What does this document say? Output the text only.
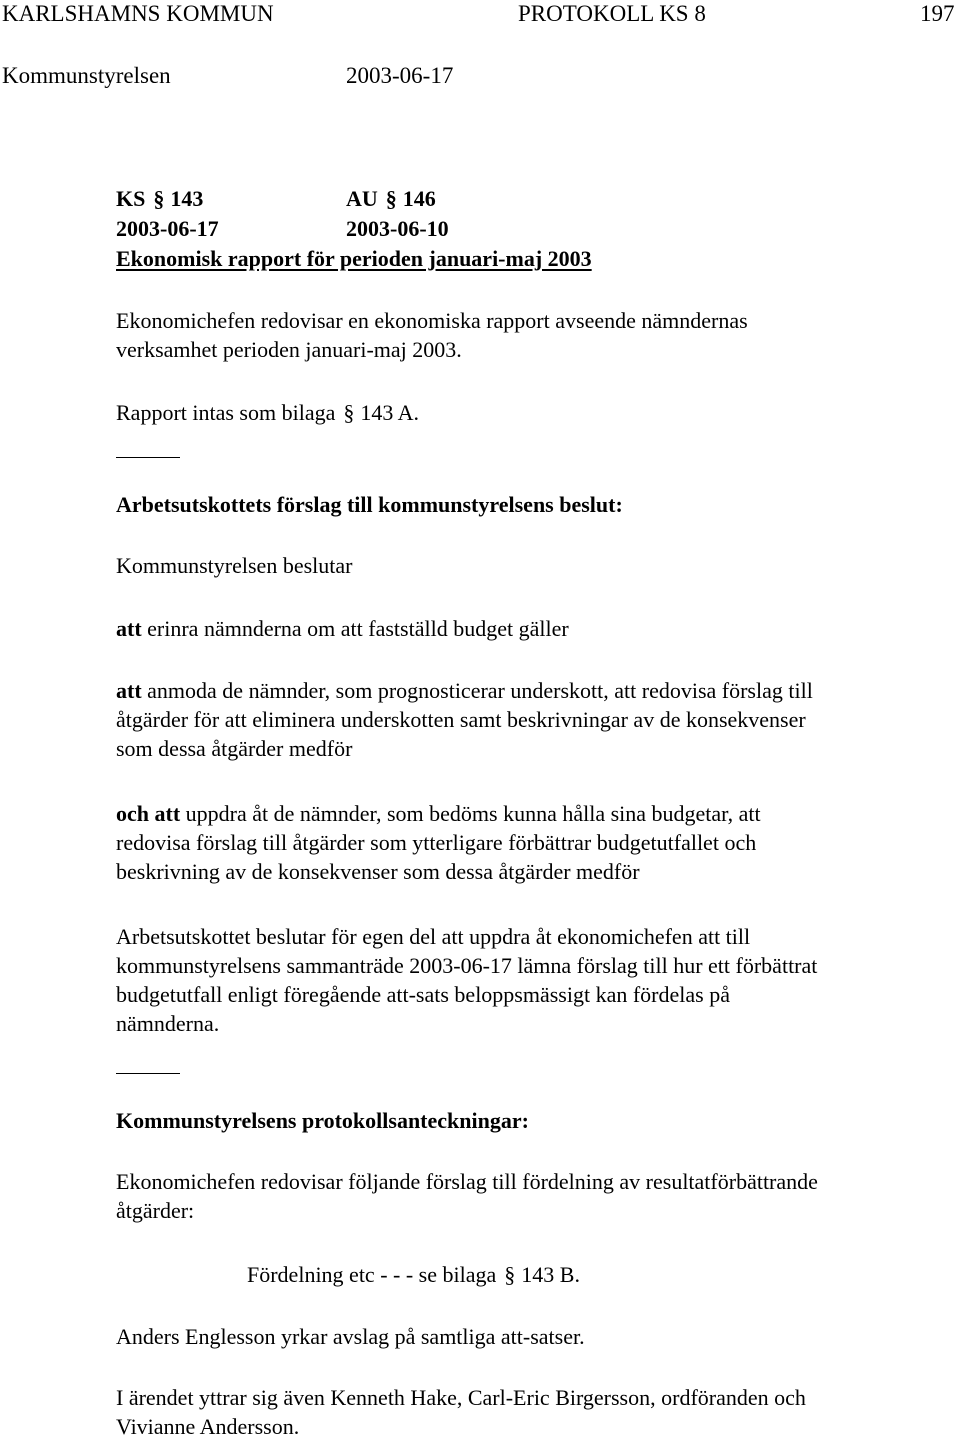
KARLSHAMNS KOMMUN	PROTOKOLL KS 8	197
Kommunstyrelsen	2003-06-17
KS § 143	AU § 146
2003-06-17	2003-06-10
Ekonomisk rapport för perioden januari-maj 2003
Ekonomichefen redovisar en ekonomiska rapport avseende nämndernas
verksamhet perioden januari-maj 2003.
Rapport intas som bilaga § 143 A.
Arbetsutskottets förslag till kommunstyrelsens beslut:
Kommunstyrelsen beslutar
att erinra nämnderna om att fastställd budget gäller
att anmoda de nämnder, som prognosticerar underskott, att redovisa förslag till
åtgärder för att eliminera underskotten samt beskrivningar av de konsekvenser
som dessa åtgärder medför
och att uppdra åt de nämnder, som bedöms kunna hålla sina budgetar, att
redovisa förslag till åtgärder som ytterligare förbättrar budgetutfallet och
beskrivning av de konsekvenser som dessa åtgärder medför
Arbetsutskottet beslutar för egen del att uppdra åt ekonomichefen att till
kommunstyrelsens sammanträde 2003-06-17 lämna förslag till hur ett förbättrat
budgetutfall enligt föregående att-sats beloppsmässigt kan fördelas på
nämnderna.
Kommunstyrelsens protokollsanteckningar:
Ekonomichefen redovisar följande förslag till fördelning av resultatförbättrande
åtgärder:
Fördelning etc - - - se bilaga § 143 B.
Anders Englesson yrkar avslag på samtliga att-satser.
I ärendet yttrar sig även Kenneth Hake, Carl-Eric Birgersson, ordföranden och
Vivianne Andersson.
